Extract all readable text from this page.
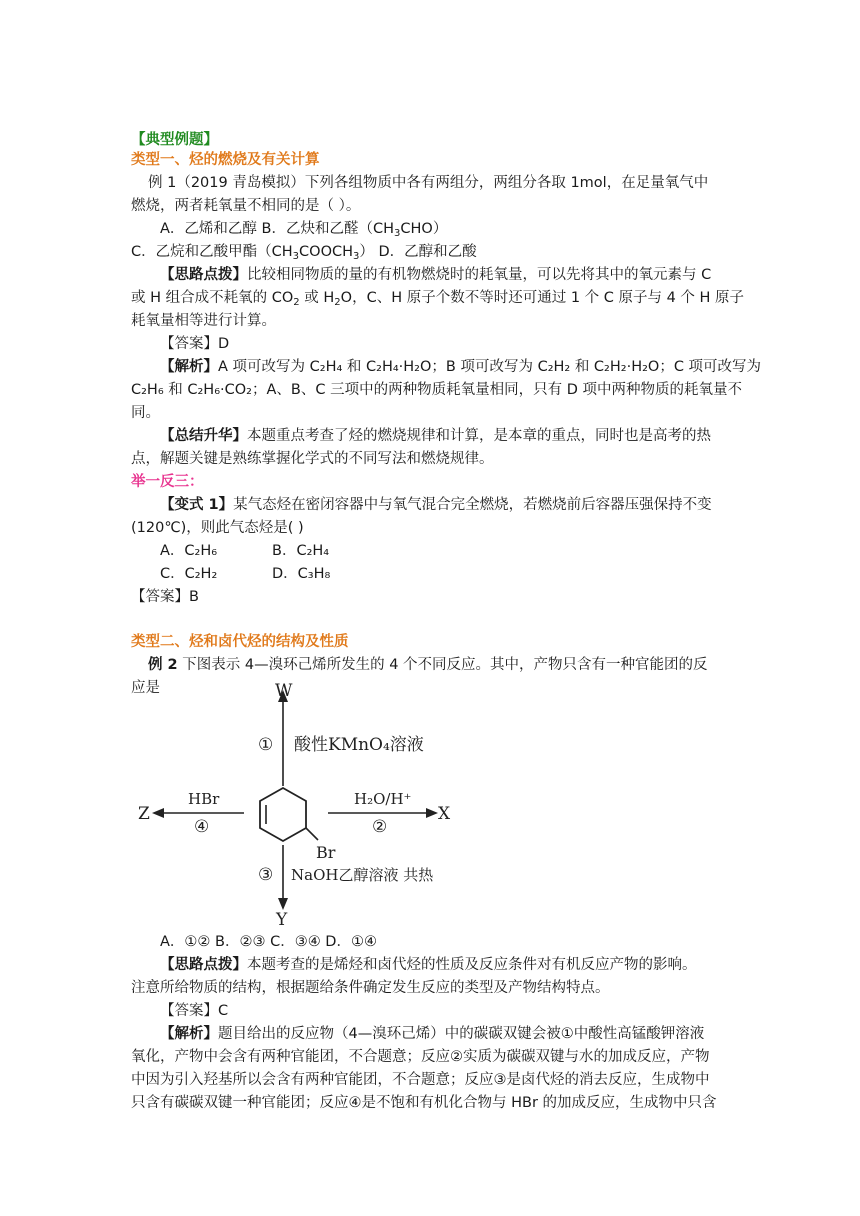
【典型例题】
类型一、烃的燃烧及有关计算
例 1（2019 青岛模拟）下列各组物质中各有两组分，两组分各取 1mol，在足量氧气中
燃烧，两者耗氧量不相同的是（ ）。
A．乙烯和乙醇 B．乙炔和乙醛$(CH_3CHO)$
C．乙烷和乙酸甲酯$(CH_3COOCH_3)$ D．乙醇和乙酸
【思路点拨】比较相同物质的量的有机物燃烧时的耗氧量，可以先将其中的氧元素与 C
或 H 组合成不耗氧的 $CO_2$ 或 $H_2O$，C、H 原子个数不等时还可通过 1 个 C 原子与 4 个 H 原子
耗氧量相等进行计算。
【答案】D
【解析】A 项可改写为 C₂H₄ 和 C₂H₄·H₂O；B 项可改写为 C₂H₂ 和 C₂H₂·H₂O；C 项可改写为
C₂H₆ 和 C₂H₆·CO₂；A、B、C 三项中的两种物质耗氧量相同，只有 D 项中两种物质的耗氧量不
同。
【总结升华】本题重点考查了烃的燃烧规律和计算，是本章的重点，同时也是高考的热
点，解题关键是熟练掌握化学式的不同写法和燃烧规律。
举一反三：
【变式 1】某气态烃在密闭容器中与氧气混合完全燃烧，若燃烧前后容器压强保持不变
(120℃)，则此气态烃是( )
A．C₂H₆	B．C₂H₄
C．C₂H₂	D．C₃H₈
【答案】B
类型二、烃和卤代烃的结构及性质
例 2 下图表示 4—溴环己烯所发生的 4 个不同反应。其中，产物只含有一种官能团的反
应是	W
① 酸性KMnO₄溶液
Br
X
H₂O/H⁺
②
Z
HBr
④
Y
③ NaOH乙醇溶液 共热
A．①② B．②③ C．③④ D．①④
【思路点拨】本题考查的是烯烃和卤代烃的性质及反应条件对有机反应产物的影响。
注意所给物质的结构，根据题给条件确定发生反应的类型及产物结构特点。
【答案】C
【解析】题目给出的反应物（4—溴环己烯）中的碳碳双键会被①中酸性高锰酸钾溶液
氧化，产物中会含有两种官能团，不合题意；反应②实质为碳碳双键与水的加成反应，产物
中因为引入羟基所以会含有两种官能团，不合题意；反应③是卤代烃的消去反应，生成物中
只含有碳碳双键一种官能团；反应④是不饱和有机化合物与 HBr 的加成反应，生成物中只含
